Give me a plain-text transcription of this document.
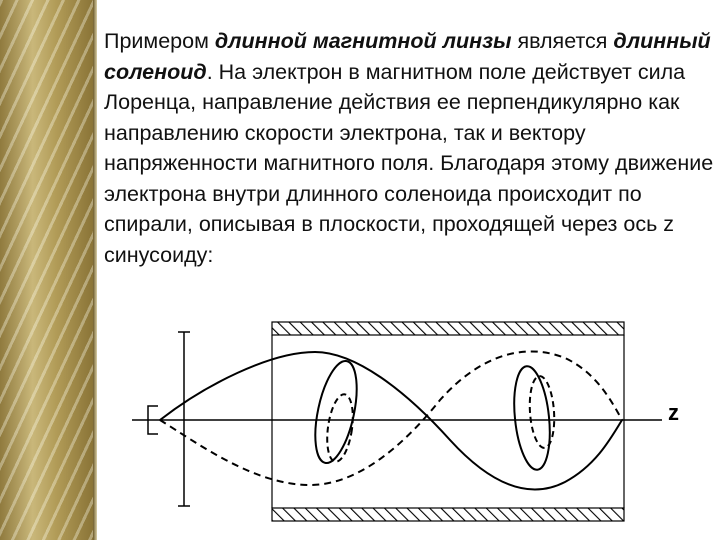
Примером длинной магнитной линзы является длинный соленоид. На электрон в магнитном поле действует сила Лоренца, направление действия ее перпендикулярно как направлению скорости электрона, так и вектору напряженности магнитного поля. Благодаря этому движение электрона внутри длинного соленоида происходит по спирали, описывая в плоскости, проходящей через ось z синусоиду:
z
